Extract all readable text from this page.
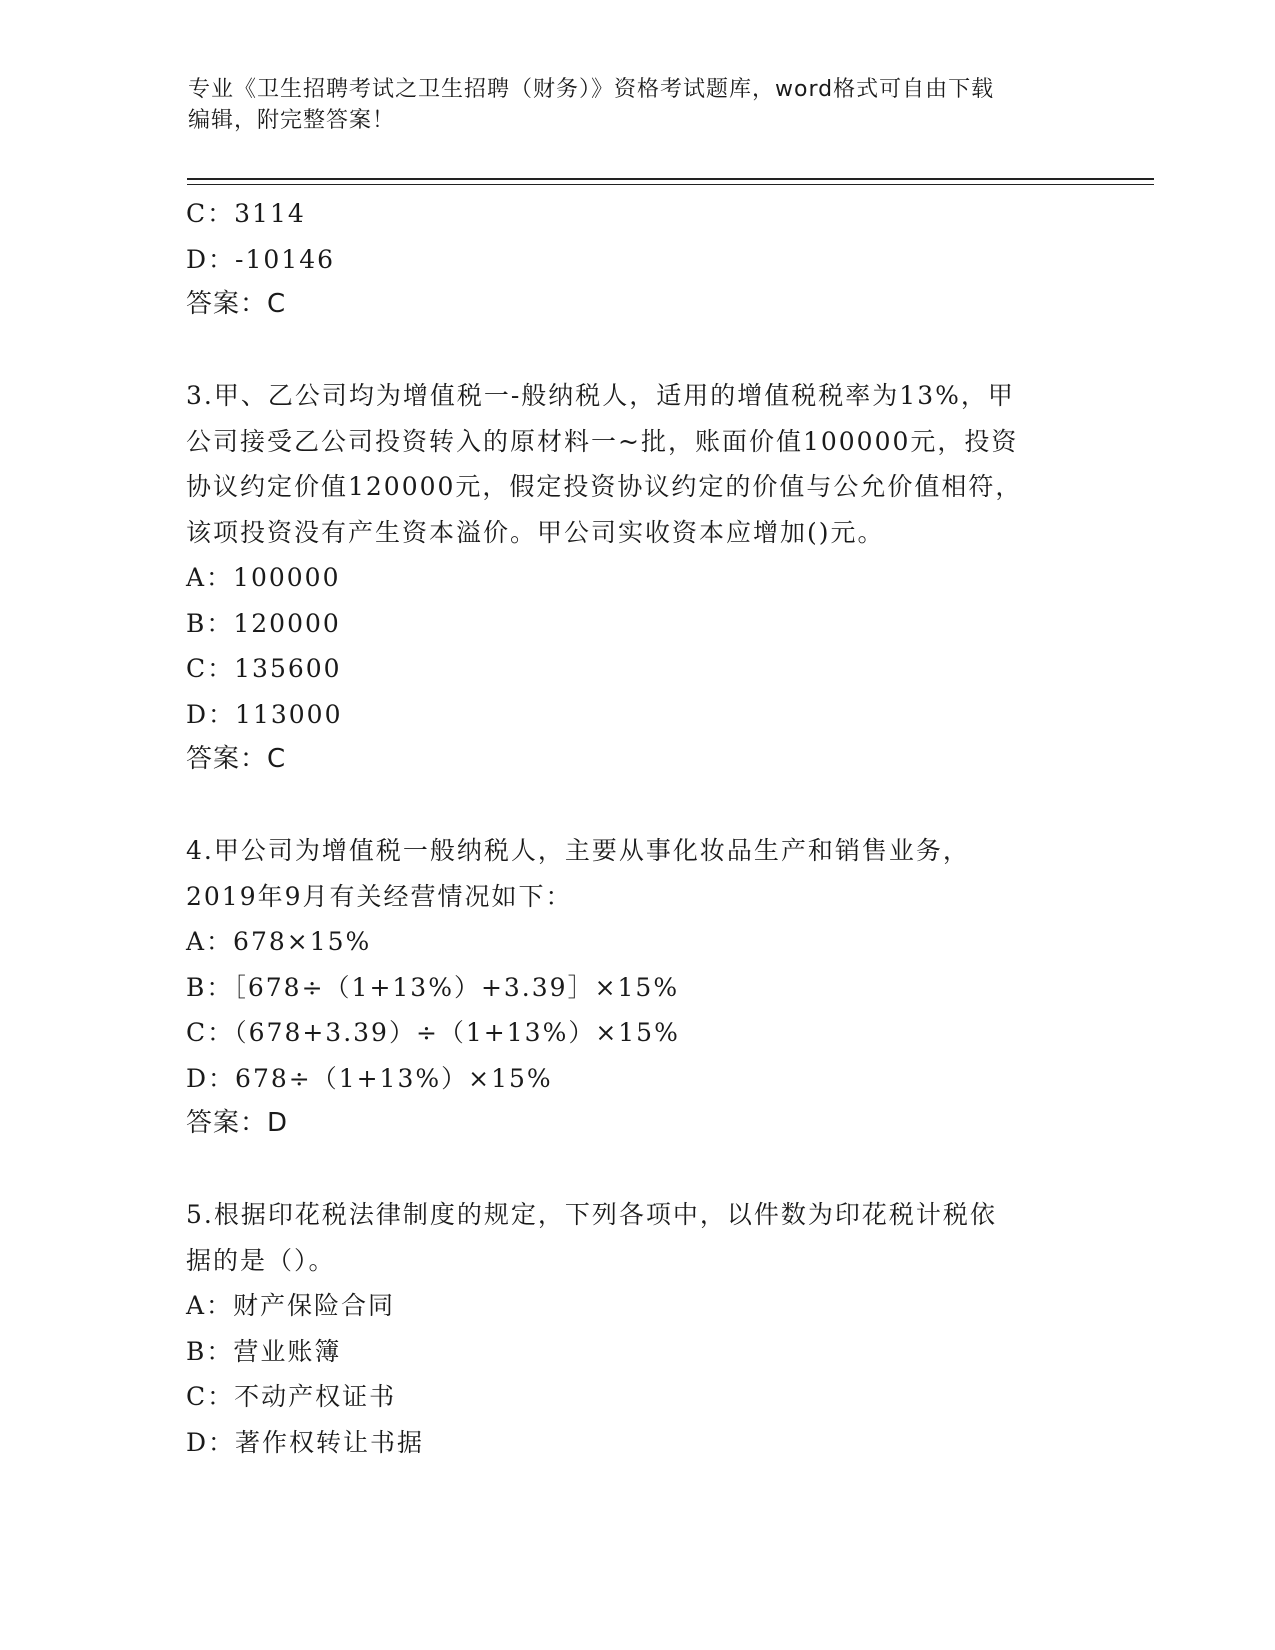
专业《卫生招聘考试之卫生招聘（财务）》资格考试题库，word格式可自由下载
编辑，附完整答案！
C：3114
D：-10146
答案：C
3.甲、乙公司均为增值税一-般纳税人，适用的增值税税率为13%，甲
公司接受乙公司投资转入的原材料一~批，账面价值100000元，投资
协议约定价值120000元，假定投资协议约定的价值与公允价值相符，
该项投资没有产生资本溢价。甲公司实收资本应增加()元。
A：100000
B：120000
C：135600
D：113000
答案：C
4.甲公司为增值税一般纳税人，主要从事化妆品生产和销售业务，
2019年9月有关经营情况如下：
A：678×15%
B：［678÷（1+13%）+3.39］×15%
C：（678+3.39）÷（1+13%）×15%
D：678÷（1+13%）×15%
答案：D
5.根据印花税法律制度的规定，下列各项中，以件数为印花税计税依
据的是（）。
A：财产保险合同
B：营业账簿
C：不动产权证书
D：著作权转让书据
